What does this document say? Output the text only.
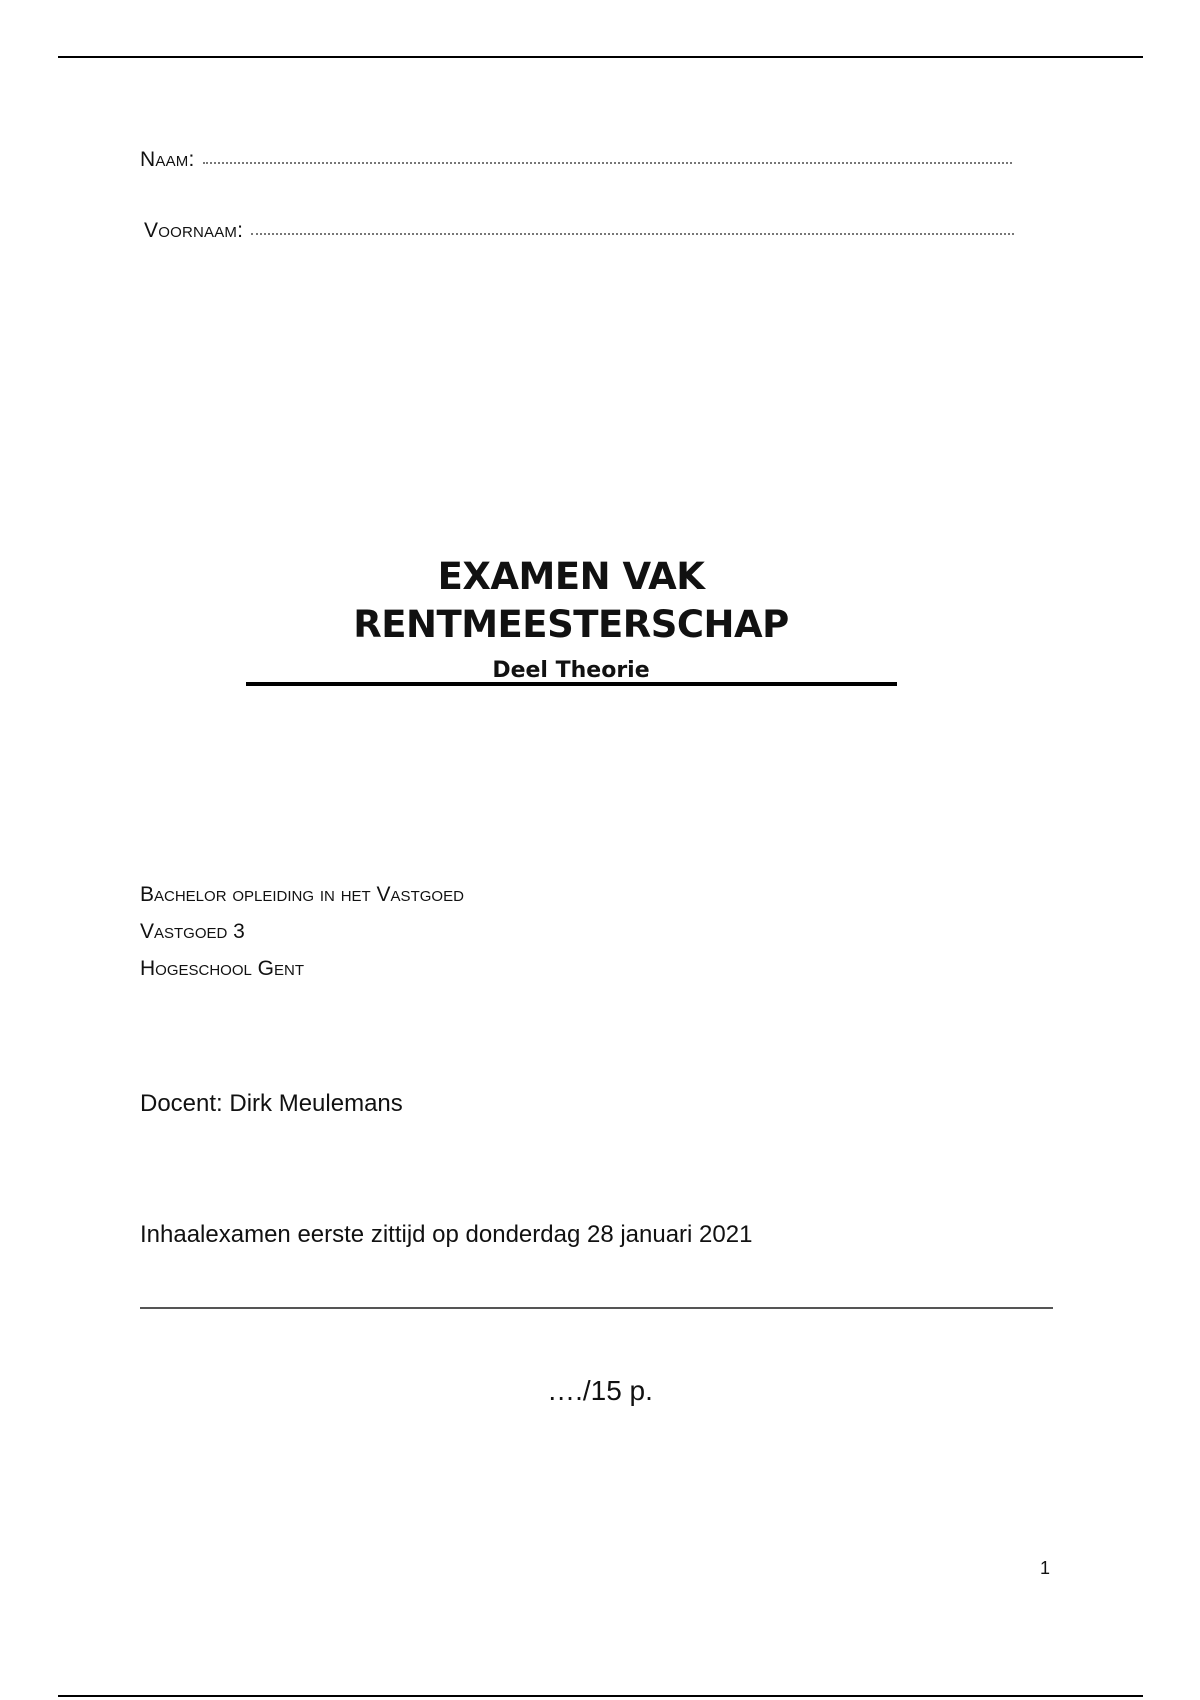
Naam:
Voornaam:
EXAMEN VAK RENTMEESTERSCHAP
Deel Theorie
Bachelor opleiding in het Vastgoed
Vastgoed 3
Hogeschool Gent
Docent: Dirk Meulemans
Inhaalexamen eerste zittijd op donderdag 28 januari 2021
…./15 p.
1
